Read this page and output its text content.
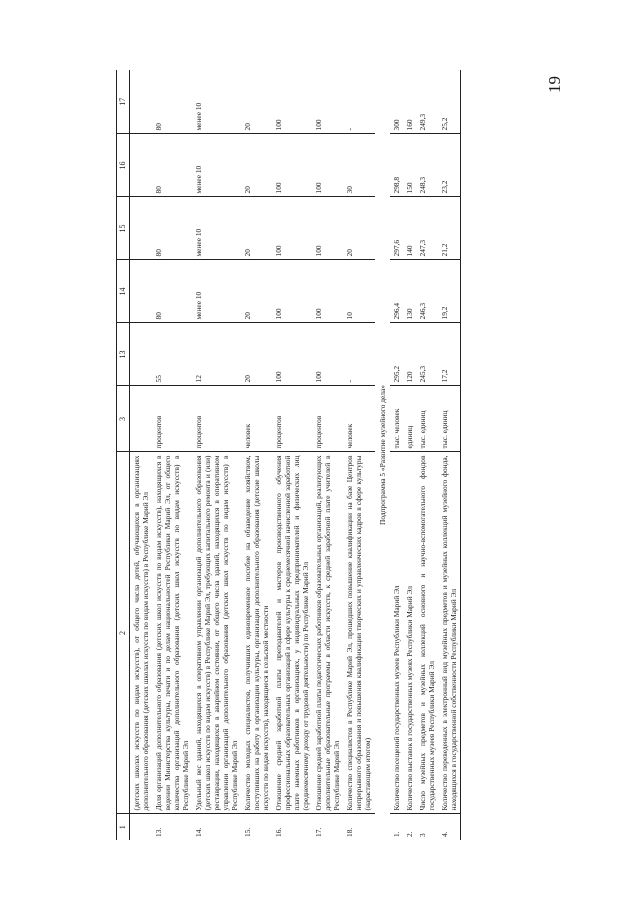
19
1	2	3	13	14	15	16	17
	(детских школах искусств по видам искусств), от общего числа детей, обучающихся в организациях дополнительного образования (детских школах искусств по видам искусств) в Республике Марий Эл						
13.	Доля организаций дополнительного образования (детских школ искусств по видам искусств), находящихся в ведении Министерства культуры, печати и по делам национальностей Республики Марий Эл, от общего количества организаций дополнительного образования (детских школ искусств по видам искусств) в Республике Марий Эл	процентов	55	80	80	80	80
14.	Удельный вес зданий, находящихся в оперативном управлении организаций дополнительного образования (детских школ искусств по видам искусств) в Республике Марий Эл, требующих капитального ремонта и (или) реставрации, находящихся в аварийном состоянии, от общего числа зданий, находящихся в оперативном управлении организаций дополнительного образования (детских школ искусств по видам искусств) в Республике Марий Эл	процентов	12	менее 10	менее 10	менее 10	менее 10
15.	Количество молодых специалистов, получивших единовременное пособие на обзаведение хозяйством, поступивших на работу в организации культуры, организации дополнительного образования (детские школы искусств по видам искусств), находящиеся в сельской местности	человек	20	20	20	20	20
16.	Отношение средней заработной платы преподавателей и мастеров производственного обучения профессиональных образовательных организаций в сфере культуры к среднемесячной начисленной заработной плате наемных работников в организациях, у индивидуальных предпринимателей и физических лиц (среднемесячному доходу от трудовой деятельности) по Республике Марий Эл	процентов	100	100	100	100	100
17.	Отношение средней заработной платы педагогических работников образовательных организаций, реализующих дополнительные образовательные программы в области искусств, к средней заработной плате учителей в Республике Марий Эл	процентов	100	100	100	100	100
18.	Количество специалистов в Республике Марий Эл, прошедших повышение квалификации на базе Центров непрерывного образования и повышения квалификации творческих и управленческих кадров в сфере культуры (нарастающим итогом)	человек	-	10	20	30	-
Подпрограмма 5 «Развитие музейного дела»							
1.	Количество посещений государственных музеев Республики Марий Эл	тыс. человек	295,2	296,4	297,6	298,8	300
2.	Количество выставок в государственных музеях Республики Марий Эл	единиц	120	130	140	150	160
3	Число музейных предметов и музейных коллекций основного и научно-вспомогательного фондов государственных музеев Республики Марий Эл	тыс. единиц	245,3	246,3	247,3	248,3	249,3
4.	Количество переведенных в электронный вид музейных предметов и музейных коллекций музейного фонда, находящихся в государственной собственности Республики Марий Эл	тыс. единиц	17,2	19,2	21,2	23,2	25,2
